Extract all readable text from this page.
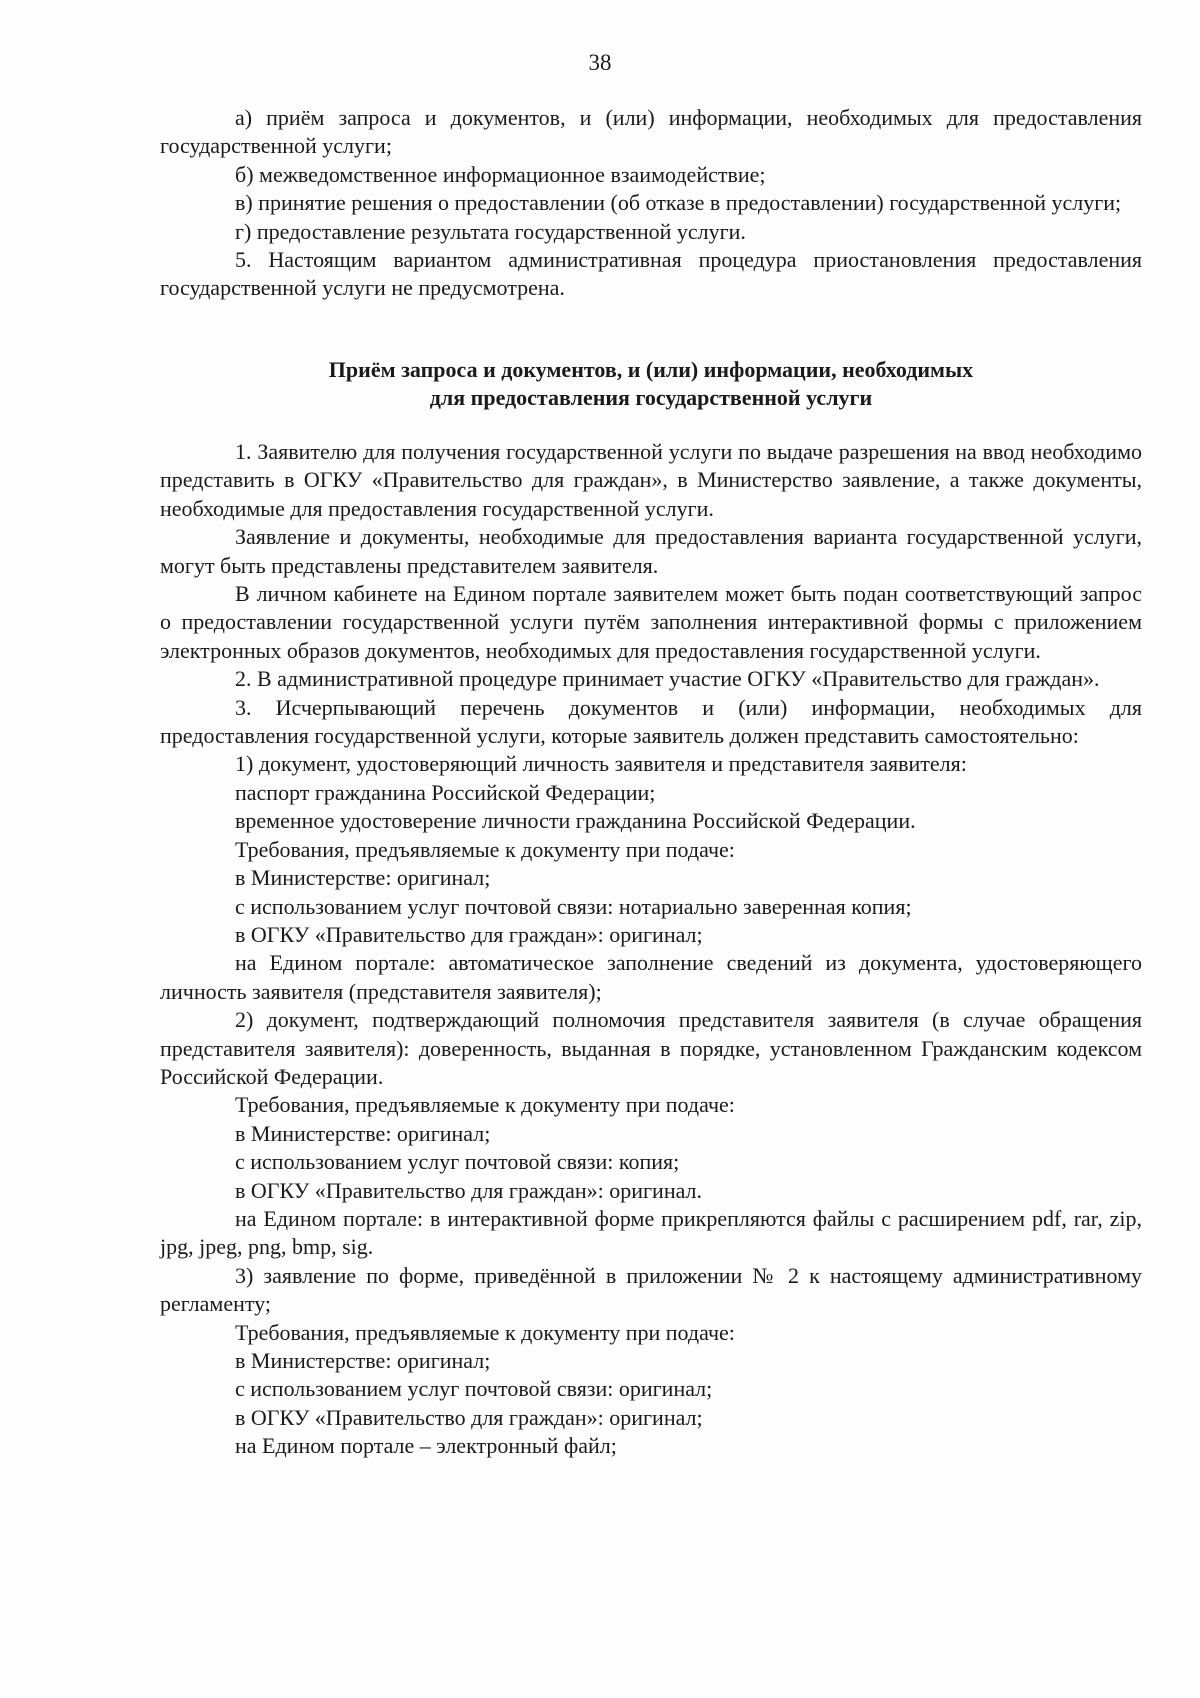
38

а) приём запроса и документов, и (или) информации, необходимых для предоставления государственной услуги;

б) межведомственное информационное взаимодействие;

в) принятие решения о предоставлении (об отказе в предоставлении) государственной услуги;

г) предоставление результата государственной услуги.

5. Настоящим вариантом административная процедура приостановления предоставления государственной услуги не предусмотрена.

Приём запроса и документов, и (или) информации, необходимых
для предоставления государственной услуги

1. Заявителю для получения государственной услуги по выдаче разрешения на ввод необходимо представить в ОГКУ «Правительство для граждан», в Министерство заявление, а также документы, необходимые для предоставления государственной услуги.

Заявление и документы, необходимые для предоставления варианта государственной услуги, могут быть представлены представителем заявителя.

В личном кабинете на Едином портале заявителем может быть подан соответствующий запрос о предоставлении государственной услуги путём заполнения интерактивной формы с приложением электронных образов документов, необходимых для предоставления государственной услуги.

2. В административной процедуре принимает участие ОГКУ «Правительство для граждан».

3. Исчерпывающий перечень документов и (или) информации, необходимых для предоставления государственной услуги, которые заявитель должен представить самостоятельно:

1) документ, удостоверяющий личность заявителя и представителя заявителя:

паспорт гражданина Российской Федерации;

временное удостоверение личности гражданина Российской Федерации.

Требования, предъявляемые к документу при подаче:

в Министерстве: оригинал;

с использованием услуг почтовой связи: нотариально заверенная копия;

в ОГКУ «Правительство для граждан»: оригинал;

на Едином портале: автоматическое заполнение сведений из документа, удостоверяющего личность заявителя (представителя заявителя);

2) документ, подтверждающий полномочия представителя заявителя (в случае обращения представителя заявителя): доверенность, выданная в порядке, установленном Гражданским кодексом Российской Федерации.

Требования, предъявляемые к документу при подаче:

в Министерстве: оригинал;

с использованием услуг почтовой связи: копия;

в ОГКУ «Правительство для граждан»: оригинал.

на Едином портале: в интерактивной форме прикрепляются файлы с расширением pdf, rar, zip, jpg, jpeg, png, bmp, sig.

3) заявление по форме, приведённой в приложении № 2 к настоящему административному регламенту;

Требования, предъявляемые к документу при подаче:

в Министерстве: оригинал;

с использованием услуг почтовой связи: оригинал;

в ОГКУ «Правительство для граждан»: оригинал;

на Едином портале – электронный файл;
